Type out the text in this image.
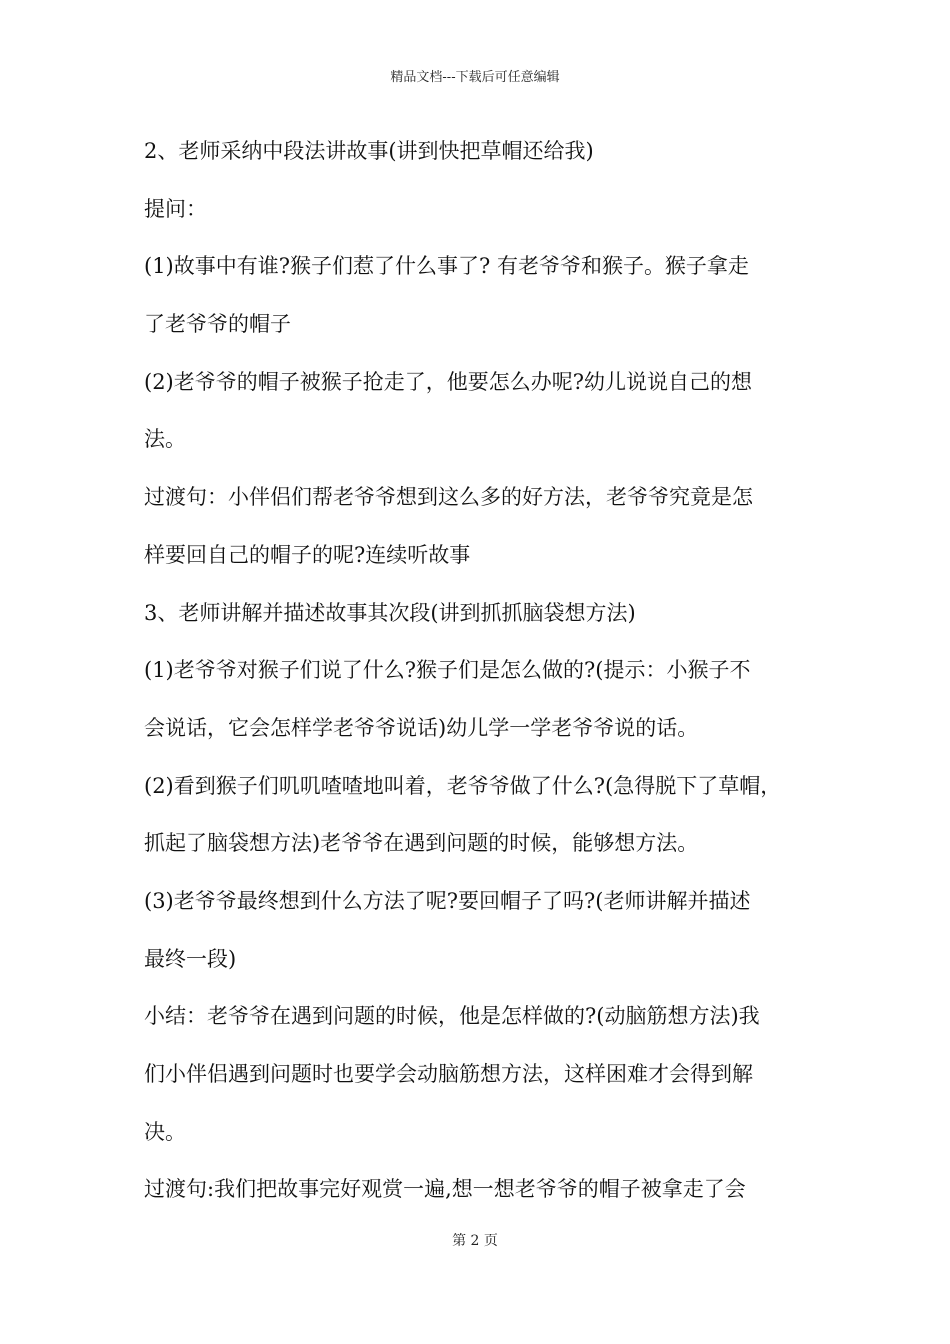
精品文档---下载后可任意编辑
2、老师采纳中段法讲故事(讲到快把草帽还给我)
提问：
(1)故事中有谁?猴子们惹了什么事了? 有老爷爷和猴子。猴子拿走
了老爷爷的帽子
(2)老爷爷的帽子被猴子抢走了，他要怎么办呢?幼儿说说自己的想
法。
过渡句：小伴侣们帮老爷爷想到这么多的好方法，老爷爷究竟是怎
样要回自己的帽子的呢?连续听故事
3、老师讲解并描述故事其次段(讲到抓抓脑袋想方法)
(1)老爷爷对猴子们说了什么?猴子们是怎么做的?(提示：小猴子不
会说话，它会怎样学老爷爷说话)幼儿学一学老爷爷说的话。
(2)看到猴子们叽叽喳喳地叫着，老爷爷做了什么?(急得脱下了草帽，
抓起了脑袋想方法)老爷爷在遇到问题的时候，能够想方法。
(3)老爷爷最终想到什么方法了呢?要回帽子了吗?(老师讲解并描述
最终一段)
小结：老爷爷在遇到问题的时候，他是怎样做的?(动脑筋想方法)我
们小伴侣遇到问题时也要学会动脑筋想方法，这样困难才会得到解
决。
过渡句:我们把故事完好观赏一遍,想一想老爷爷的帽子被拿走了会
第 2 页
